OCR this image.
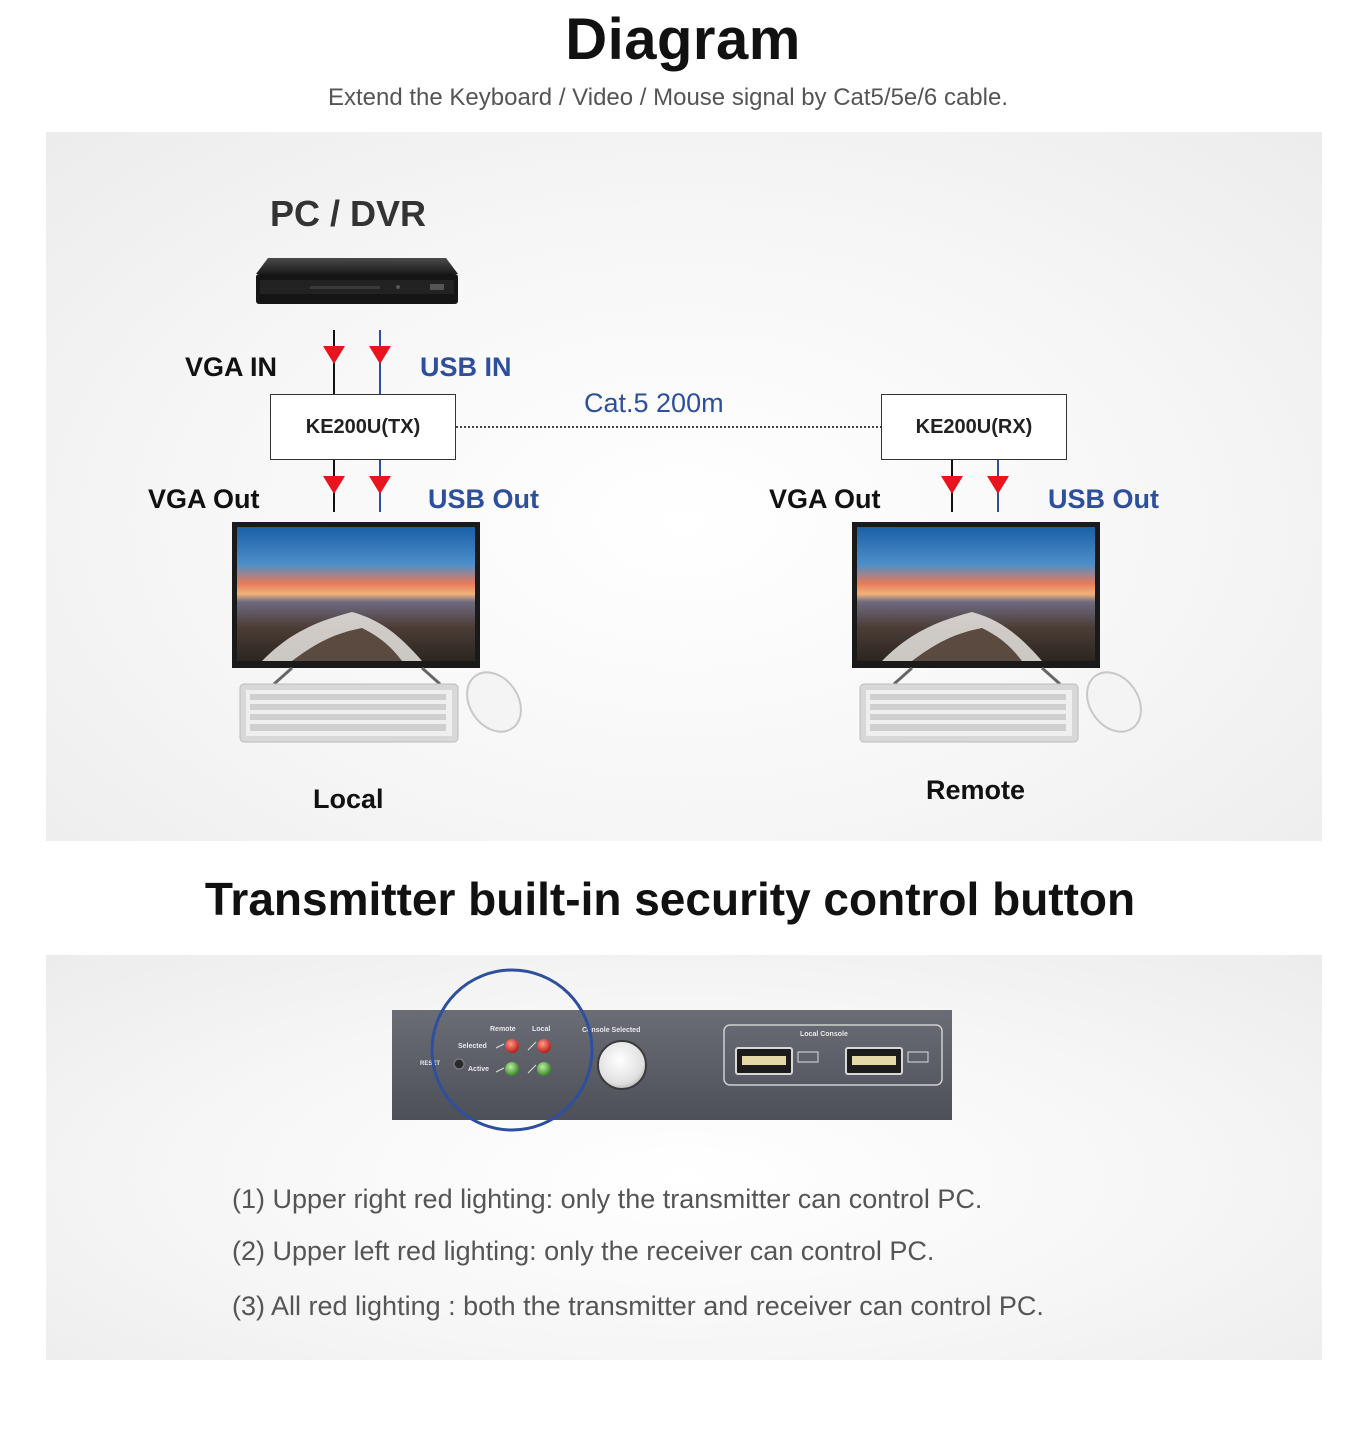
Diagram
Extend the Keyboard / Video / Mouse signal by Cat5/5e/6 cable.
PC / DVR
VGA IN	USB IN
KE200U(TX)
Cat.5 200m
KE200U(RX)
VGA Out	USB Out	VGA Out	USB Out
Local	Remote
Transmitter built-in security control button
Remote Local
Selected
Active
RESET
Console Selected
Local Console
(1) Upper right red lighting: only the transmitter can control PC.
(2) Upper left red lighting: only the receiver can control PC.
(3) All red lighting : both the transmitter and receiver can control PC.
